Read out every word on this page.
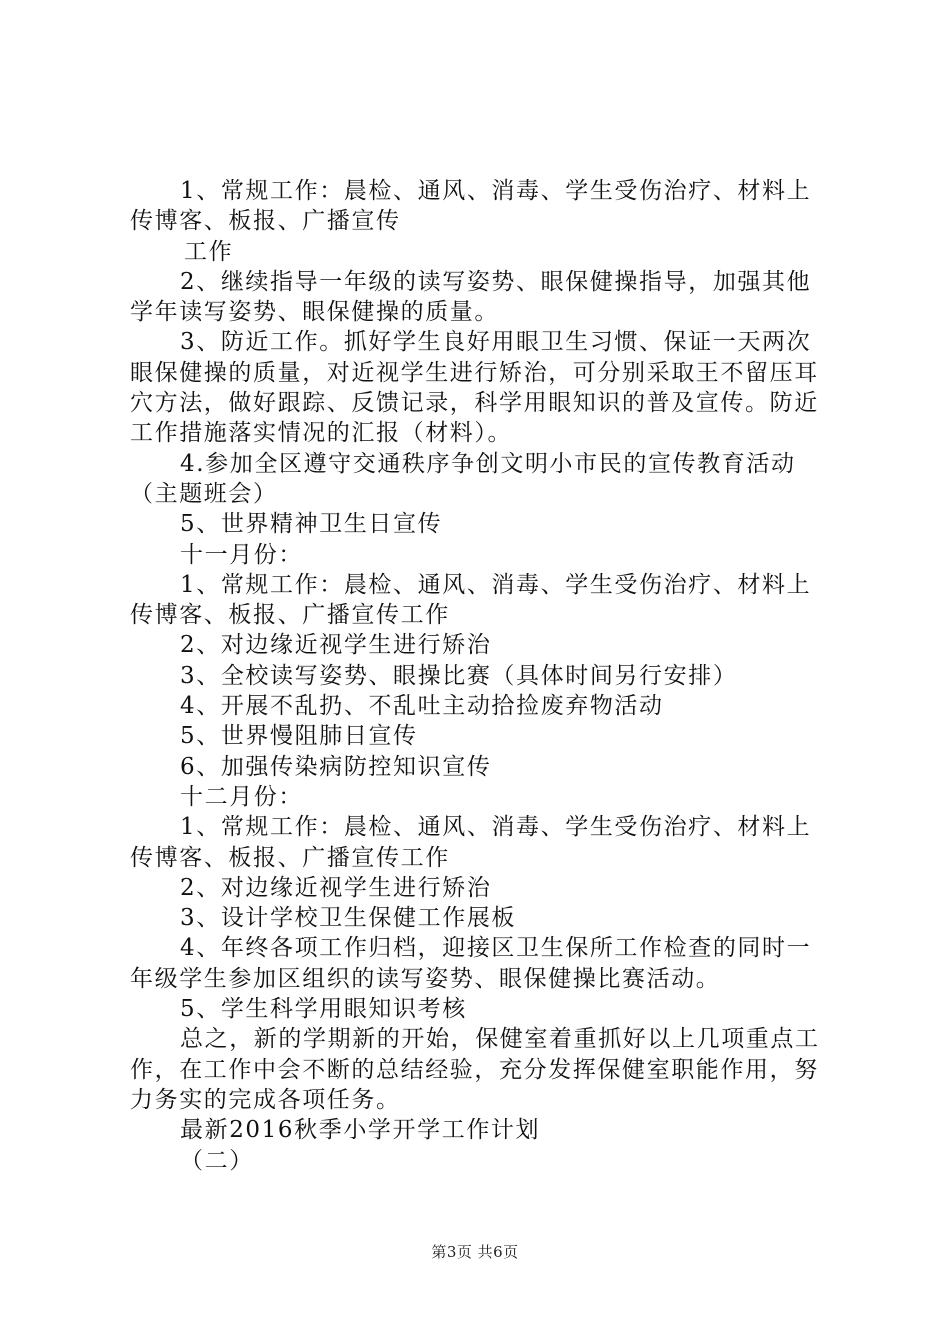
1、常规工作：晨检、通风、消毒、学生受伤治疗、材料上传博客、板报、广播宣传

工作

2、继续指导一年级的读写姿势、眼保健操指导，加强其他学年读写姿势、眼保健操的质量。

3、防近工作。抓好学生良好用眼卫生习惯、保证一天两次眼保健操的质量，对近视学生进行矫治，可分别采取王不留压耳穴方法，做好跟踪、反馈记录，科学用眼知识的普及宣传。防近工作措施落实情况的汇报（材料）。

4.参加全区遵守交通秩序争创文明小市民的宣传教育活动（主题班会）

5、世界精神卫生日宣传

十一月份：

1、常规工作：晨检、通风、消毒、学生受伤治疗、材料上传博客、板报、广播宣传工作

2、对边缘近视学生进行矫治

3、全校读写姿势、眼操比赛（具体时间另行安排）

4、开展不乱扔、不乱吐主动拾捡废弃物活动

5、世界慢阻肺日宣传

6、加强传染病防控知识宣传

十二月份：

1、常规工作：晨检、通风、消毒、学生受伤治疗、材料上传博客、板报、广播宣传工作

2、对边缘近视学生进行矫治

3、设计学校卫生保健工作展板

4、年终各项工作归档，迎接区卫生保所工作检查的同时一年级学生参加区组织的读写姿势、眼保健操比赛活动。

5、学生科学用眼知识考核

总之，新的学期新的开始，保健室着重抓好以上几项重点工作，在工作中会不断的总结经验，充分发挥保健室职能作用，努力务实的完成各项任务。

最新2016秋季小学开学工作计划

（二）

第3页 共6页
